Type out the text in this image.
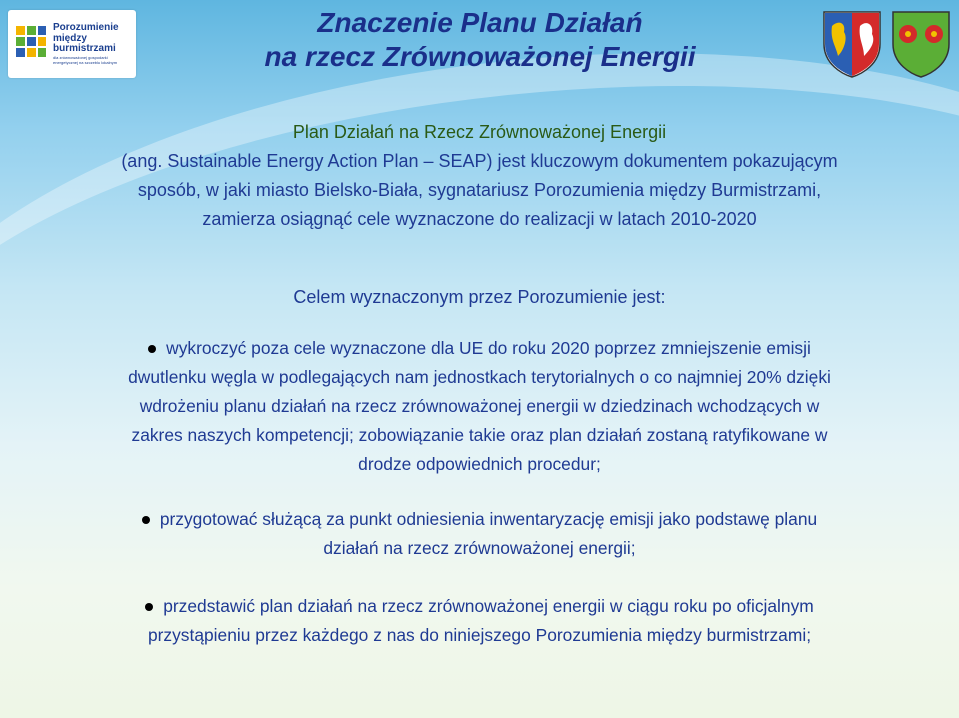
Porozumienie
między burmistrzami
dla zrównoważonej gospodarki
energetycznej na szczeblu lokalnym
Znaczenie Planu Działań
na rzecz Zrównoważonej Energii
Plan Działań na Rzecz Zrównoważonej Energii
(ang. Sustainable Energy Action Plan – SEAP) jest kluczowym dokumentem pokazującym
sposób, w jaki miasto Bielsko-Biała, sygnatariusz Porozumienia między Burmistrzami,
zamierza osiągnąć cele wyznaczone do realizacji w latach 2010-2020
Celem wyznaczonym przez Porozumienie jest:
wykroczyć poza cele wyznaczone dla UE do roku 2020 poprzez zmniejszenie emisji
dwutlenku węgla w podlegających nam jednostkach terytorialnych o co najmniej 20% dzięki
wdrożeniu planu działań na rzecz zrównoważonej energii w dziedzinach wchodzących w
zakres naszych kompetencji; zobowiązanie takie oraz plan działań zostaną ratyfikowane w
drodze odpowiednich procedur;
przygotować służącą za punkt odniesienia inwentaryzację emisji jako podstawę planu
działań na rzecz zrównoważonej energii;
przedstawić plan działań na rzecz zrównoważonej energii w ciągu roku po oficjalnym
przystąpieniu przez każdego z nas do niniejszego Porozumienia między burmistrzami;
